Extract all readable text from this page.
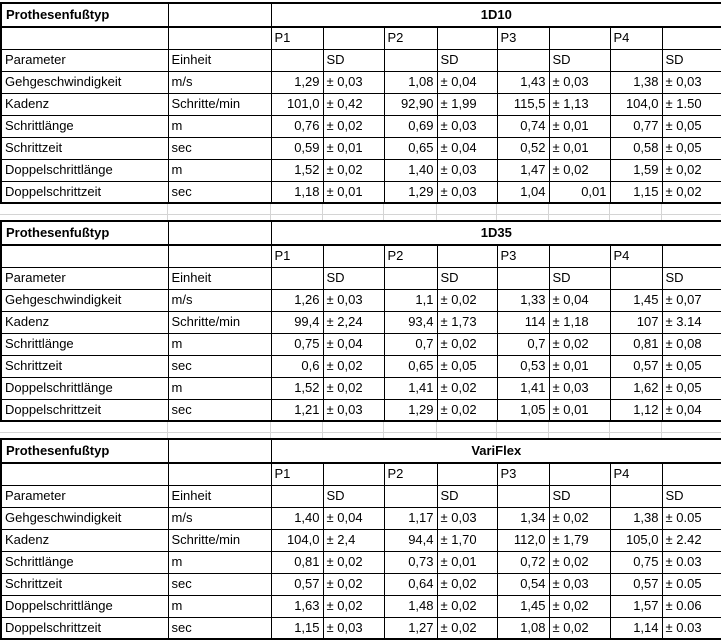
Prothesenfußtyp		1D10							
		P1		P2		P3		P4	
Parameter	Einheit		SD		SD		SD		SD
Gehgeschwindigkeit	m/s	1,29	± 0,03	1,08	± 0,04	1,43	± 0,03	1,38	± 0,03
Kadenz	Schritte/min	101,0	± 0,42	92,90	± 1,99	115,5	± 1,13	104,0	± 1.50
Schrittlänge	m	0,76	± 0,02	0,69	± 0,03	0,74	± 0,01	0,77	± 0,05
Schrittzeit	sec	0,59	± 0,01	0,65	± 0,04	0,52	± 0,01	0,58	± 0,05
Doppelschrittlänge	m	1,52	± 0,02	1,40	± 0,03	1,47	± 0,02	1,59	± 0,02
Doppelschrittzeit	sec	1,18	± 0,01	1,29	± 0,03	1,04	0,01	1,15	± 0,02
Prothesenfußtyp		1D35							
		P1		P2		P3		P4	
Parameter	Einheit		SD		SD		SD		SD
Gehgeschwindigkeit	m/s	1,26	± 0,03	1,1	± 0,02	1,33	± 0,04	1,45	± 0,07
Kadenz	Schritte/min	99,4	± 2,24	93,4	± 1,73	114	± 1,18	107	± 3.14
Schrittlänge	m	0,75	± 0,04	0,7	± 0,02	0,7	± 0,02	0,81	± 0,08
Schrittzeit	sec	0,6	± 0,02	0,65	± 0,05	0,53	± 0,01	0,57	± 0,05
Doppelschrittlänge	m	1,52	± 0,02	1,41	± 0,02	1,41	± 0,03	1,62	± 0,05
Doppelschrittzeit	sec	1,21	± 0,03	1,29	± 0,02	1,05	± 0,01	1,12	± 0,04
Prothesenfußtyp		VariFlex							
		P1		P2		P3		P4	
Parameter	Einheit		SD		SD		SD		SD
Gehgeschwindigkeit	m/s	1,40	± 0,04	1,17	± 0,03	1,34	± 0,02	1,38	± 0.05
Kadenz	Schritte/min	104,0	± 2,4	94,4	± 1,70	112,0	± 1,79	105,0	± 2.42
Schrittlänge	m	0,81	± 0,02	0,73	± 0,01	0,72	± 0,02	0,75	± 0.03
Schrittzeit	sec	0,57	± 0,02	0,64	± 0,02	0,54	± 0,03	0,57	± 0.05
Doppelschrittlänge	m	1,63	± 0,02	1,48	± 0,02	1,45	± 0,02	1,57	± 0.06
Doppelschrittzeit	sec	1,15	± 0,03	1,27	± 0,02	1,08	± 0,02	1,14	± 0.03
